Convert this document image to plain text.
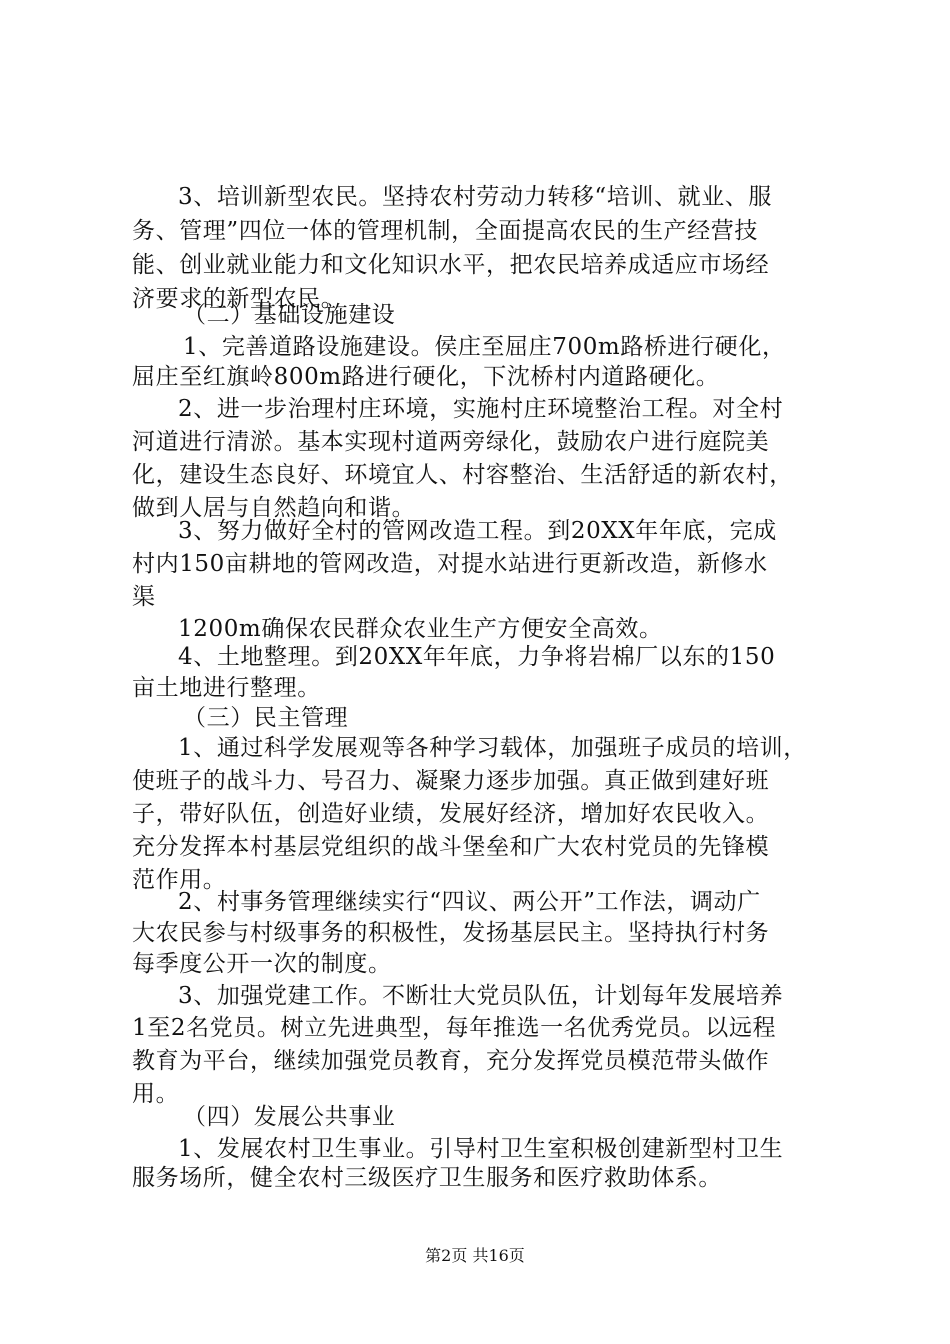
3、培训新型农民。坚持农村劳动力转移“培训、就业、服
务、管理”四位一体的管理机制，全面提高农民的生产经营技
能、创业就业能力和文化知识水平，把农民培养成适应市场经
济要求的新型农民。
（二）基础设施建设
1、完善道路设施建设。侯庄至屈庄700m路桥进行硬化，
屈庄至红旗岭800m路进行硬化，下沈桥村内道路硬化。
2、进一步治理村庄环境，实施村庄环境整治工程。对全村
河道进行清淤。基本实现村道两旁绿化，鼓励农户进行庭院美
化，建设生态良好、环境宜人、村容整治、生活舒适的新农村，
做到人居与自然趋向和谐。
3、努力做好全村的管网改造工程。到20XX年年底，完成
村内150亩耕地的管网改造，对提水站进行更新改造，新修水
渠
1200m确保农民群众农业生产方便安全高效。
4、土地整理。到20XX年年底，力争将岩棉厂以东的150
亩土地进行整理。
（三）民主管理
1、通过科学发展观等各种学习载体，加强班子成员的培训，
使班子的战斗力、号召力、凝聚力逐步加强。真正做到建好班
子，带好队伍，创造好业绩，发展好经济，增加好农民收入。
充分发挥本村基层党组织的战斗堡垒和广大农村党员的先锋模
范作用。
2、村事务管理继续实行“四议、两公开”工作法，调动广
大农民参与村级事务的积极性，发扬基层民主。坚持执行村务
每季度公开一次的制度。
3、加强党建工作。不断壮大党员队伍，计划每年发展培养
1至2名党员。树立先进典型，每年推选一名优秀党员。以远程
教育为平台，继续加强党员教育，充分发挥党员模范带头做作
用。
（四）发展公共事业
1、发展农村卫生事业。引导村卫生室积极创建新型村卫生
服务场所，健全农村三级医疗卫生服务和医疗救助体系。
第2页 共16页
